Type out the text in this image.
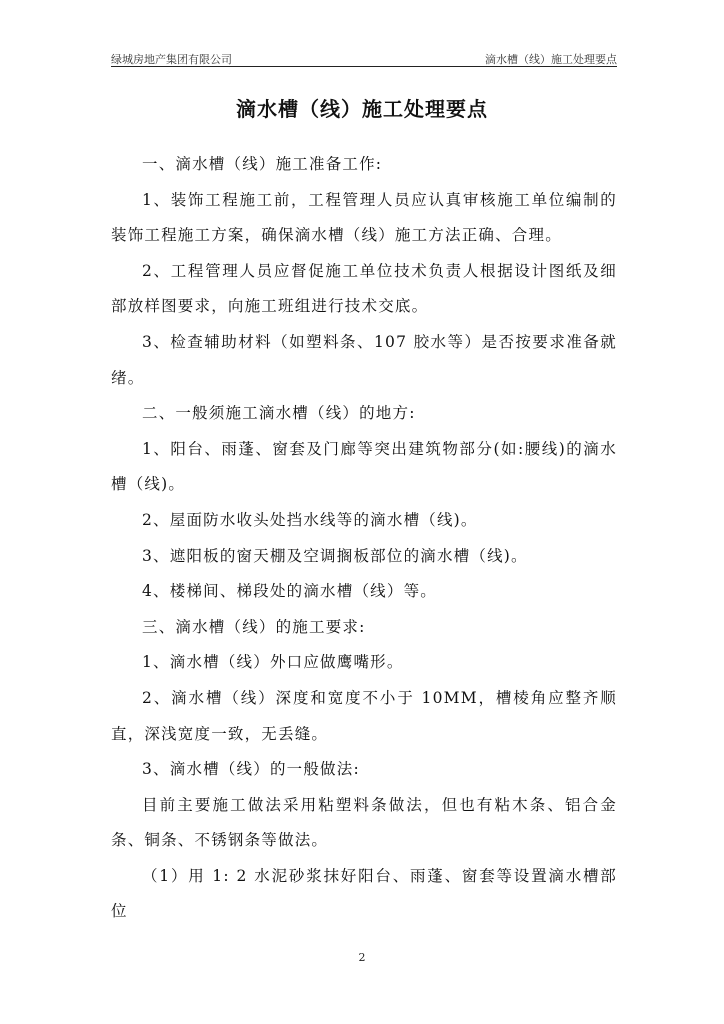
绿城房地产集团有限公司	滴水槽（线）施工处理要点
滴水槽（线）施工处理要点

一、滴水槽（线）施工准备工作:

1、装饰工程施工前，工程管理人员应认真审核施工单位编制的装饰工程施工方案，确保滴水槽（线）施工方法正确、合理。

2、工程管理人员应督促施工单位技术负责人根据设计图纸及细部放样图要求，向施工班组进行技术交底。

3、检查辅助材料（如塑料条、107 胶水等）是否按要求准备就绪。

二、一般须施工滴水槽（线）的地方:

1、阳台、雨蓬、窗套及门廊等突出建筑物部分(如:腰线)的滴水槽（线)。

2、屋面防水收头处挡水线等的滴水槽（线)。

3、遮阳板的窗天棚及空调搁板部位的滴水槽（线)。

4、楼梯间、梯段处的滴水槽（线）等。

三、滴水槽（线）的施工要求:

1、滴水槽（线）外口应做鹰嘴形。

2、滴水槽（线）深度和宽度不小于 10MM，槽棱角应整齐顺直，深浅宽度一致，无丢缝。

3、滴水槽（线）的一般做法:

目前主要施工做法采用粘塑料条做法，但也有粘木条、铝合金条、铜条、不锈钢条等做法。

（1）用 1: 2 水泥砂浆抹好阳台、雨蓬、窗套等设置滴水槽部位

2
